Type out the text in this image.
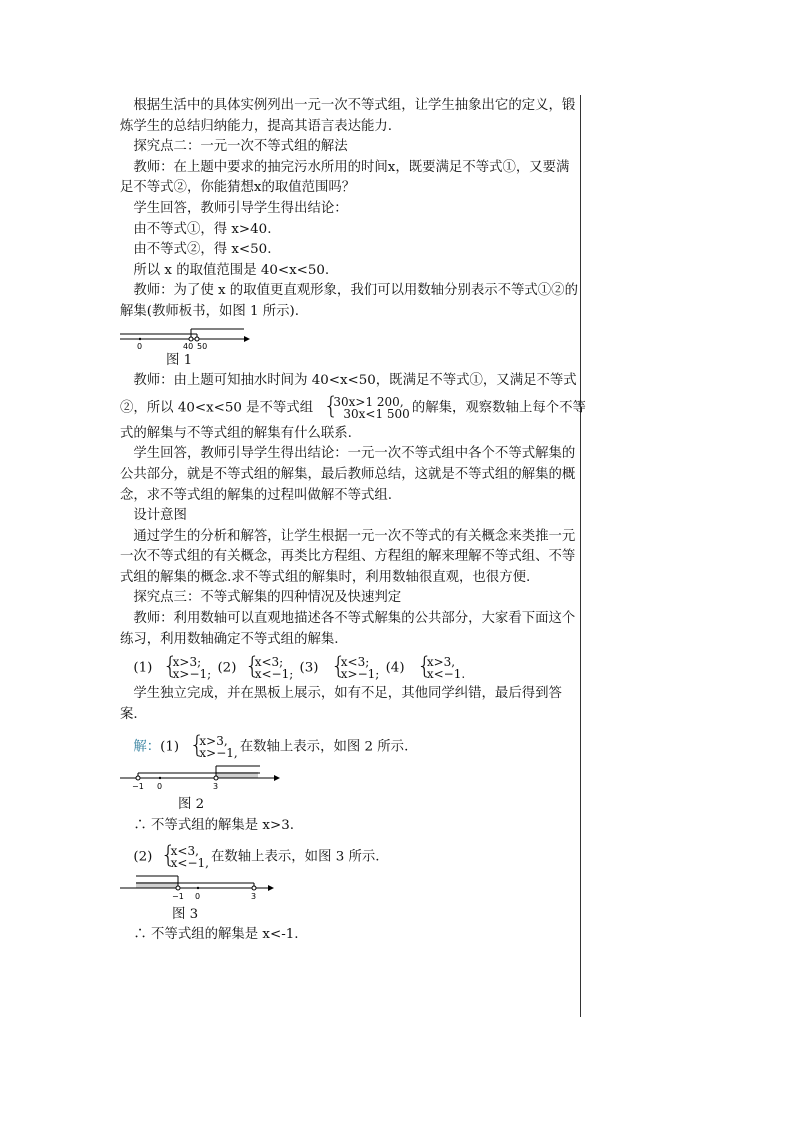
 根据生活中的具体实例列出一元一次不等式组，让学生抽象出它的定义，锻炼学生的总结归纳能力，提高其语言表达能力.

 探究点二：一元一次不等式组的解法

 教师：在上题中要求的抽完污水所用的时间x，既要满足不等式①，又要满足不等式②，你能猜想x的取值范围吗？

 学生回答，教师引导学生得出结论：

 由不等式①，得 x>40.

 由不等式②，得 x<50.

 所以 x 的取值范围是 40<x<50.

 教师：为了使 x 的取值更直观形象，我们可以用数轴分别表示不等式①②的解集(教师板书，如图 1 所示).

0	40 50
图 1

 教师：由上题可知抽水时间为 40<x<50，既满足不等式①，又满足不等式

②，所以 40<x<50 是不等式组 { 30x>1 200,
30x<1 500 的解集，观察数轴上每个不等

式的解集与不等式组的解集有什么联系.

 学生回答，教师引导学生得出结论：一元一次不等式组中各个不等式解集的公共部分，就是不等式组的解集，最后教师总结，这就是不等式组的解集的概念，求不等式组的解集的过程叫做解不等式组.

 设计意图

 通过学生的分析和解答，让学生根据一元一次不等式的有关概念来类推一元一次不等式组的有关概念，再类比方程组、方程组的解来理解不等式组、不等式组的解集的概念.求不等式组的解集时，利用数轴很直观，也很方便.

 探究点三：不等式解集的四种情况及快速判定

 教师：利用数轴可以直观地描述各不等式解集的公共部分，大家看下面这个练习，利用数轴确定不等式组的解集.

 (1) { x>3;
x>−1; (2) { x<3;
x<−1; (3) { x<3;
x>−1; (4) { x>3,
x<−1.

 学生独立完成，并在黑板上展示，如有不足，其他同学纠错，最后得到答案.

 解：(1) { x>3,
x>−1, 在数轴上表示，如图 2 所示.

−1 0	3
图 2

 ∴ 不等式组的解集是 x>3.

 (2) { x<3,
x<−1, 在数轴上表示，如图 3 所示.

−1 0	3
图 3

 ∴ 不等式组的解集是 x<-1.
